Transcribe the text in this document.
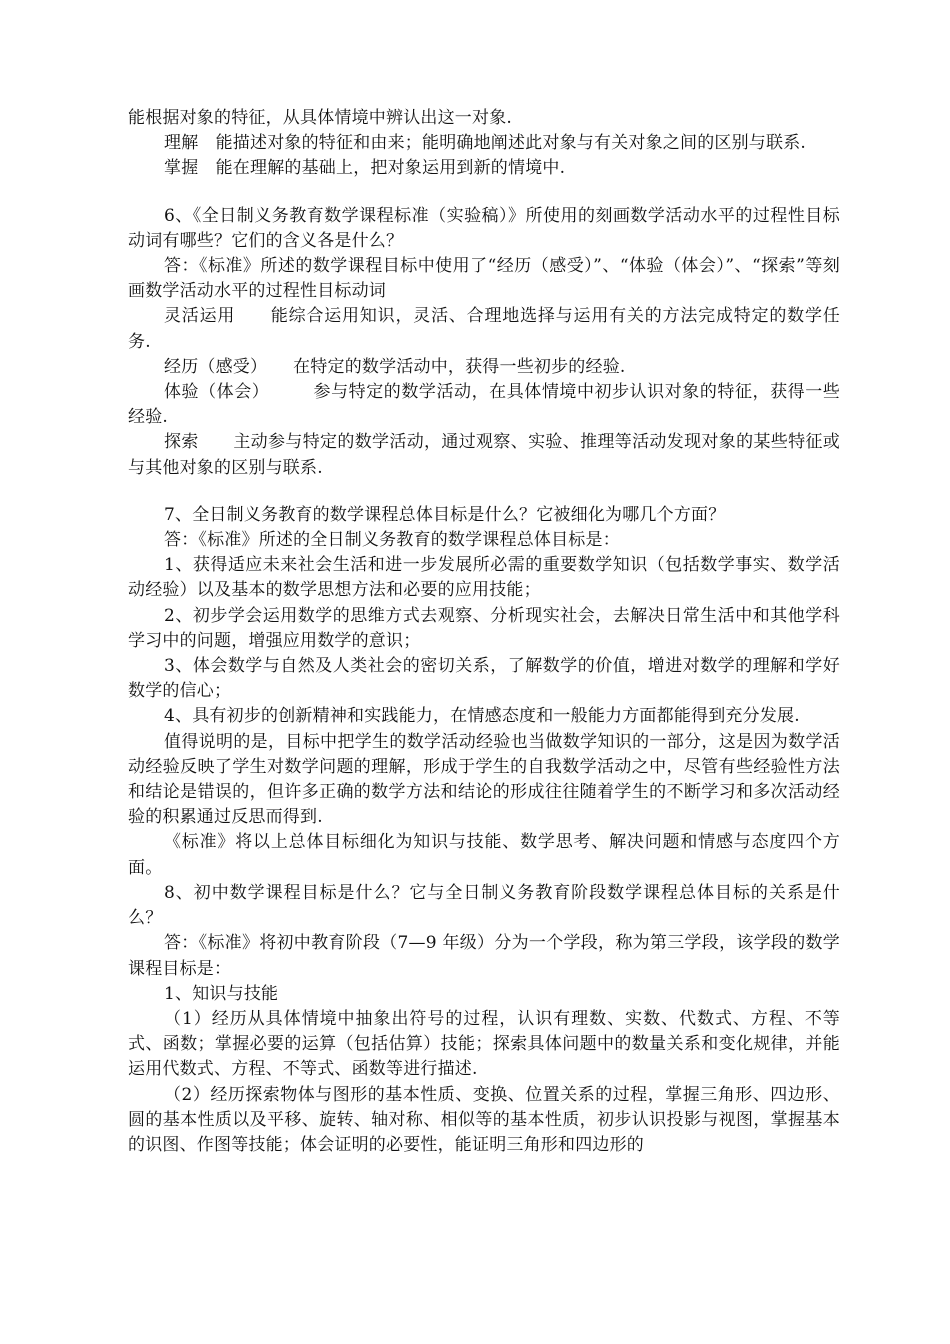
能根据对象的特征，从具体情境中辨认出这一对象.

理解　能描述对象的特征和由来；能明确地阐述此对象与有关对象之间的区别与联系.

掌握　能在理解的基础上，把对象运用到新的情境中.

6、《全日制义务教育数学课程标准（实验稿）》所使用的刻画数学活动水平的过程性目标动词有哪些？它们的含义各是什么？

答：《标准》所述的数学课程目标中使用了“经历（感受）”、“体验（体会）”、“探索”等刻画数学活动水平的过程性目标动词

灵活运用　　能综合运用知识，灵活、合理地选择与运用有关的方法完成特定的数学任务.

经历（感受）　　在特定的数学活动中，获得一些初步的经验.

体验（体会）　　　参与特定的数学活动，在具体情境中初步认识对象的特征，获得一些经验.

探索　　主动参与特定的数学活动，通过观察、实验、推理等活动发现对象的某些特征或与其他对象的区别与联系.

7、全日制义务教育的数学课程总体目标是什么？它被细化为哪几个方面？

答：《标准》所述的全日制义务教育的数学课程总体目标是：

1、获得适应未来社会生活和进一步发展所必需的重要数学知识（包括数学事实、数学活动经验）以及基本的数学思想方法和必要的应用技能；

2、初步学会运用数学的思维方式去观察、分析现实社会，去解决日常生活中和其他学科学习中的问题，增强应用数学的意识；

3、体会数学与自然及人类社会的密切关系，了解数学的价值，增进对数学的理解和学好数学的信心；

4、具有初步的创新精神和实践能力，在情感态度和一般能力方面都能得到充分发展.

值得说明的是，目标中把学生的数学活动经验也当做数学知识的一部分，这是因为数学活动经验反映了学生对数学问题的理解，形成于学生的自我数学活动之中，尽管有些经验性方法和结论是错误的，但许多正确的数学方法和结论的形成往往随着学生的不断学习和多次活动经验的积累通过反思而得到.

《标准》将以上总体目标细化为知识与技能、数学思考、解决问题和情感与态度四个方面。

8、初中数学课程目标是什么？它与全日制义务教育阶段数学课程总体目标的关系是什么？

答：《标准》将初中教育阶段（7—9 年级）分为一个学段，称为第三学段，该学段的数学课程目标是：

1、知识与技能

（1）经历从具体情境中抽象出符号的过程，认识有理数、实数、代数式、方程、不等式、函数；掌握必要的运算（包括估算）技能；探索具体问题中的数量关系和变化规律，并能运用代数式、方程、不等式、函数等进行描述.

（2）经历探索物体与图形的基本性质、变换、位置关系的过程，掌握三角形、四边形、圆的基本性质以及平移、旋转、轴对称、相似等的基本性质，初步认识投影与视图，掌握基本的识图、作图等技能；体会证明的必要性，能证明三角形和四边形的
